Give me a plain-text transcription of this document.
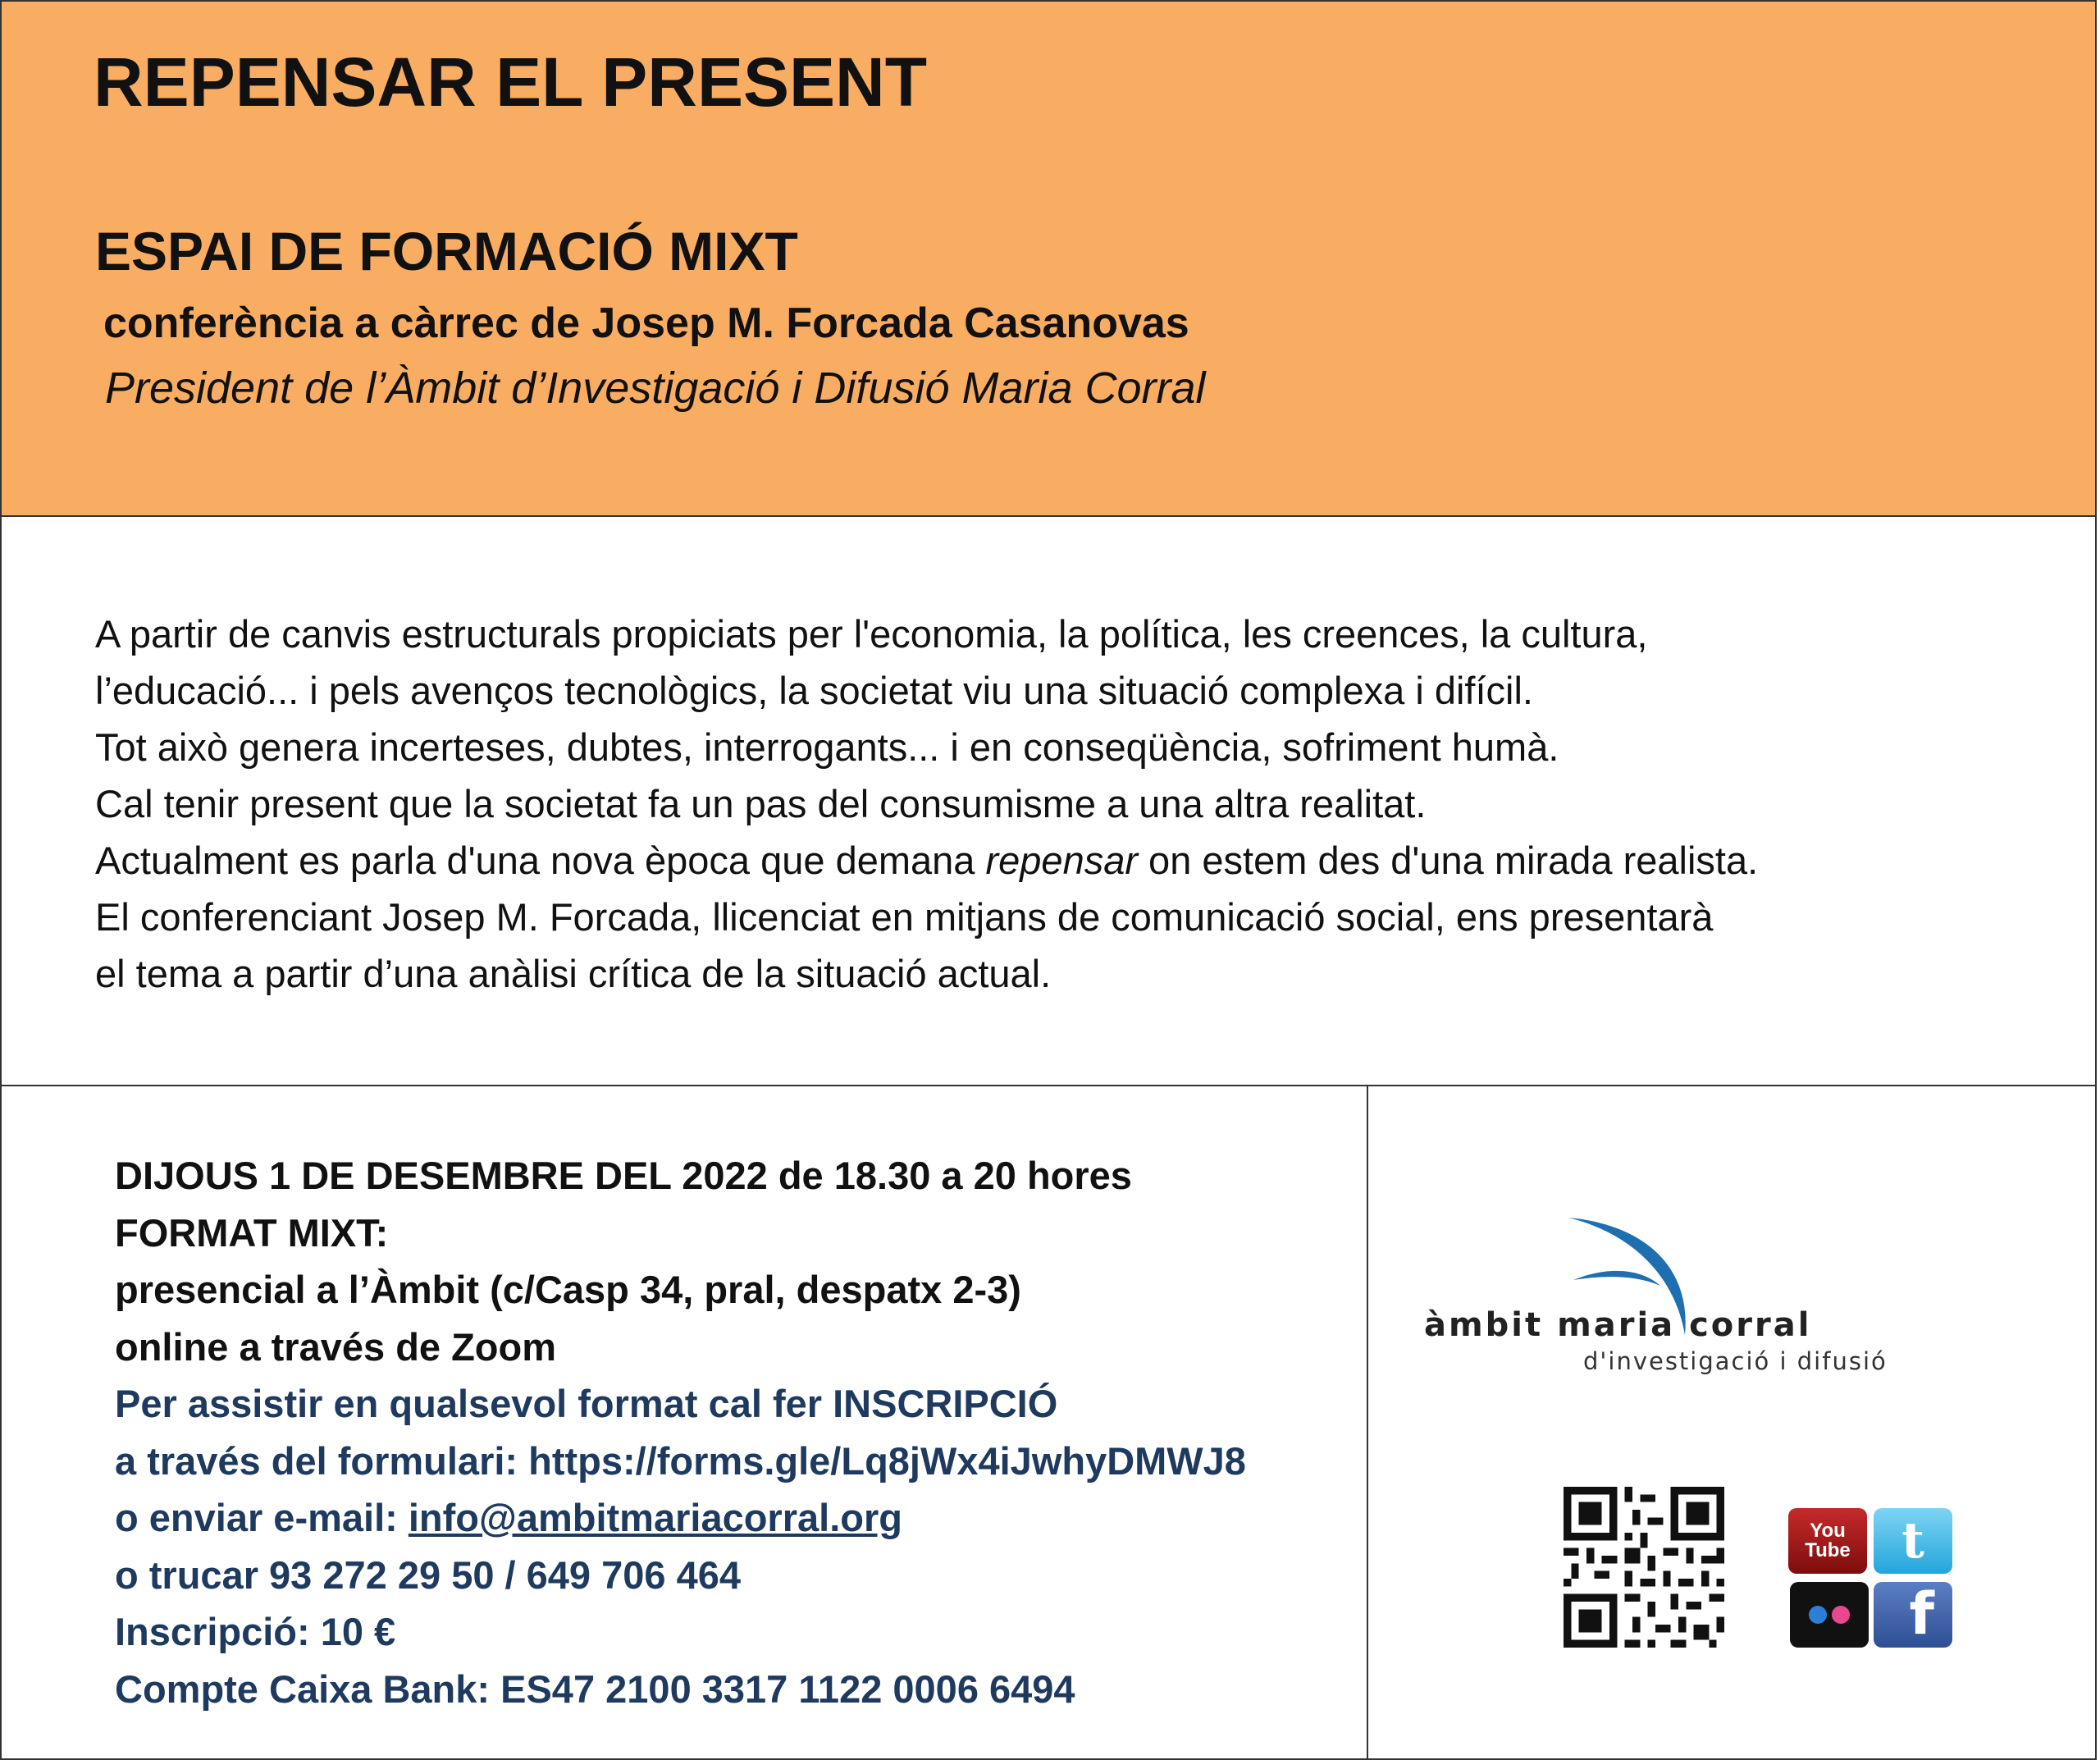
REPENSAR EL PRESENT
ESPAI DE FORMACIÓ MIXT

conferència a càrrec de Josep M. Forcada Casanovas

President de l’Àmbit d’Investigació i Difusió Maria Corral

A partir de canvis estructurals propiciats per l'economia, la política, les creences, la cultura,
l’educació... i pels avenços tecnològics, la societat viu una situació complexa i difícil.
Tot això genera incerteses, dubtes, interrogants... i en conseqüència, sofriment humà.
Cal tenir present que la societat fa un pas del consumisme a una altra realitat.
Actualment es parla d'una nova època que demana repensar on estem des d'una mirada realista.
El conferenciant Josep M. Forcada, llicenciat en mitjans de comunicació social, ens presentarà
el tema a partir d’una anàlisi crítica de la situació actual.

DIJOUS 1 DE DESEMBRE DEL 2022 de 18.30 a 20 hores
FORMAT MIXT:
presencial a l’Àmbit (c/Casp 34, pral, despatx 2-3)
online a través de Zoom
Per assistir en qualsevol format cal fer INSCRIPCIÓ
a través del formulari: https://forms.gle/Lq8jWx4iJwhyDMWJ8
o enviar e-mail: info@ambitmariacorral.org
o trucar 93 272 29 50 / 649 706 464
Inscripció: 10 €
Compte Caixa Bank: ES47 2100 3317 1122 0006 6494
àmbit maria corral
d'investigació i difusió
You
Tube	t
f
